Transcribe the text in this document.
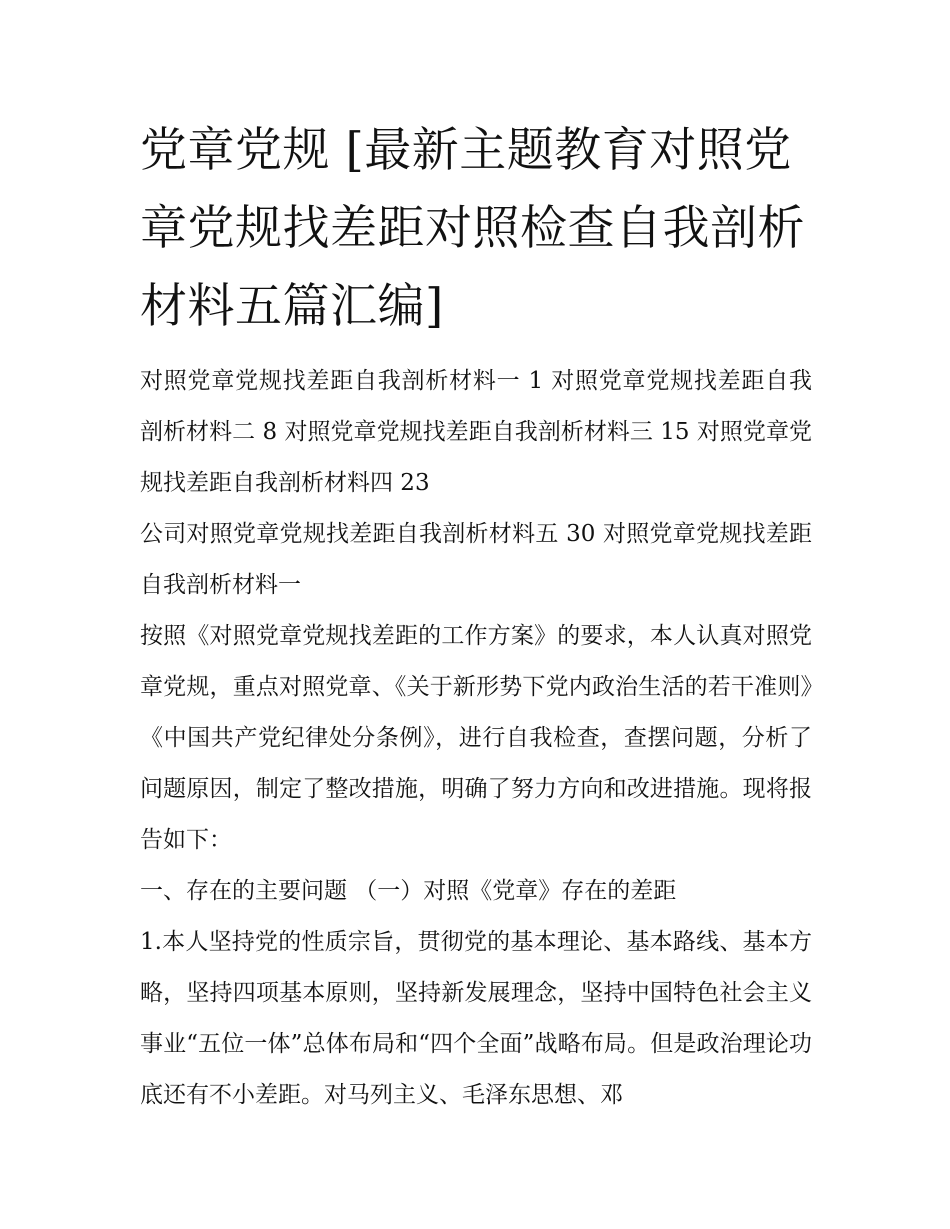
党章党规 [最新主题教育对照党章党规找差距对照检查自我剖析材料五篇汇编]

对照党章党规找差距自我剖析材料一 1 对照党章党规找差距自我剖析材料二 8 对照党章党规找差距自我剖析材料三 15 对照党章党规找差距自我剖析材料四 23

公司对照党章党规找差距自我剖析材料五 30 对照党章党规找差距自我剖析材料一

按照《对照党章党规找差距的工作方案》的要求，本人认真对照党章党规，重点对照党章、《关于新形势下党内政治生活的若干准则》《中国共产党纪律处分条例》，进行自我检查，查摆问题，分析了问题原因，制定了整改措施，明确了努力方向和改进措施。现将报告如下：

一、存在的主要问题 （一）对照《党章》存在的差距

1.本人坚持党的性质宗旨，贯彻党的基本理论、基本路线、基本方略，坚持四项基本原则，坚持新发展理念，坚持中国特色社会主义事业“五位一体”总体布局和“四个全面”战略布局。但是政治理论功底还有不小差距。对马列主义、毛泽东思想、邓
